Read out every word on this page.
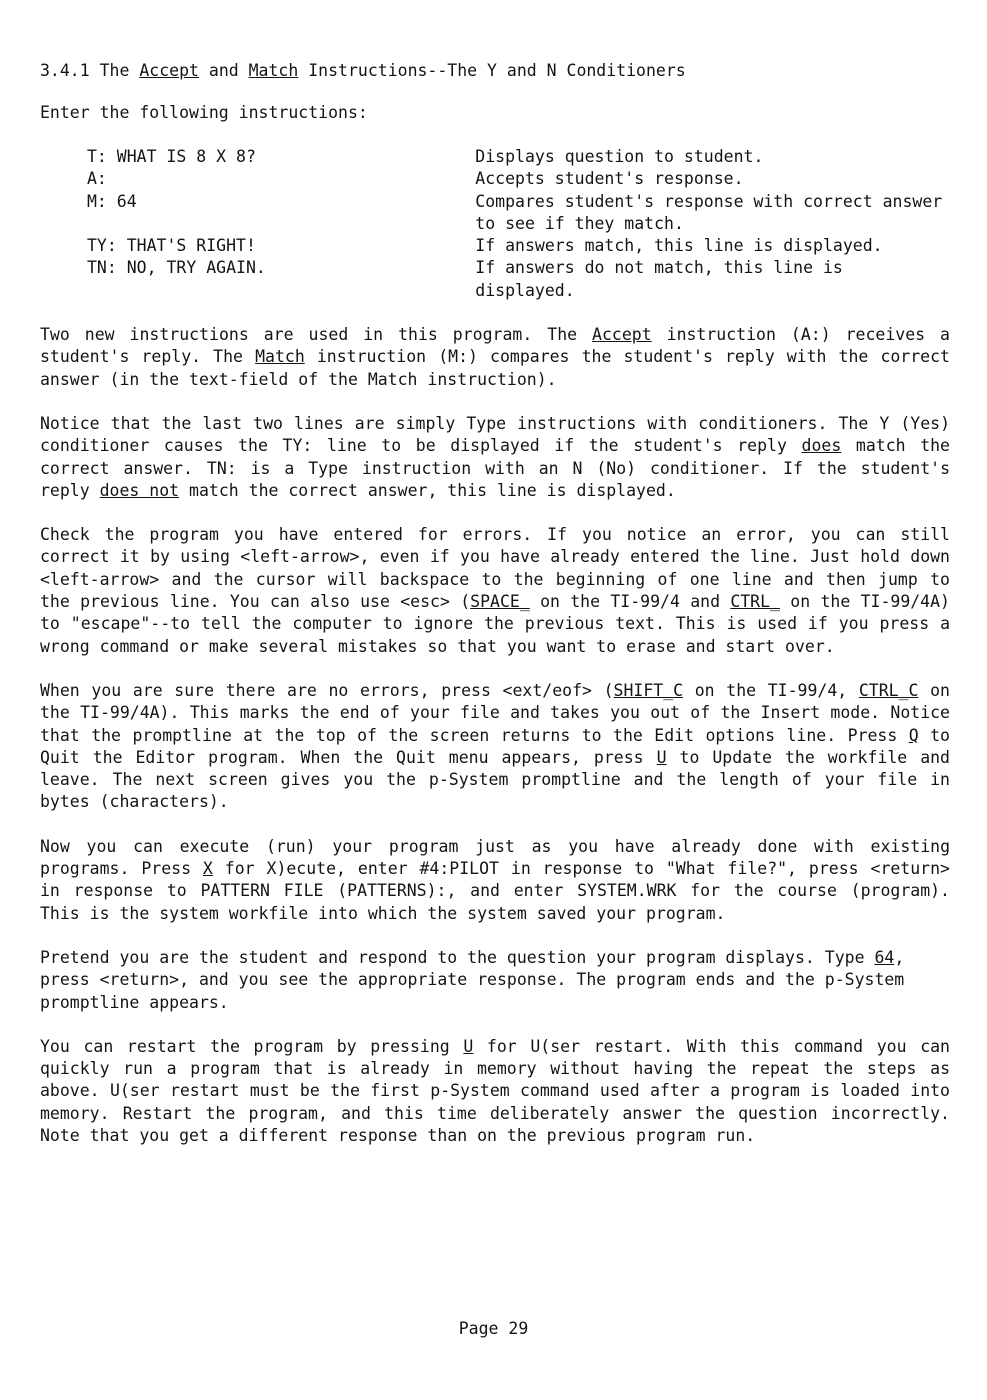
3.4.1 The Accept and Match Instructions--The Y and N Conditioners
Enter the following instructions:
T: WHAT IS 8 X 8?	Displays question to student.
A:	Accepts student's response.
M: 64	Compares student's response with correct answer to see if they match.
TY: THAT'S RIGHT!	If answers match, this line is displayed.
TN: NO, TRY AGAIN.	If answers do not match, this line is displayed.

Two new instructions are used in this program. The Accept instruction (A:) receives a student's reply. The Match instruction (M:) compares the student's reply with the correct answer (in the text-field of the Match instruction).

Notice that the last two lines are simply Type instructions with conditioners. The Y (Yes) conditioner causes the TY: line to be displayed if the student's reply does match the correct answer. TN: is a Type instruction with an N (No) conditioner. If the student's reply does not match the correct answer, this line is displayed.

Check the program you have entered for errors. If you notice an error, you can still correct it by using <left-arrow>, even if you have already entered the line. Just hold down <left-arrow> and the cursor will backspace to the beginning of one line and then jump to the previous line. You can also use <esc> (SPACE_ on the TI-99/4 and CTRL_ on the TI-99/4A) to "escape"--to tell the computer to ignore the previous text. This is used if you press a wrong command or make several mistakes so that you want to erase and start over.

When you are sure there are no errors, press <ext/eof> (SHIFT_C on the TI-99/4, CTRL_C on the TI-99/4A). This marks the end of your file and takes you out of the Insert mode. Notice that the promptline at the top of the screen returns to the Edit options line. Press Q to Quit the Editor program. When the Quit menu appears, press U to Update the workfile and leave. The next screen gives you the p-System promptline and the length of your file in bytes (characters).

Now you can execute (run) your program just as you have already done with existing programs. Press X for X)ecute, enter #4:PILOT in response to "What file?", press <return> in response to PATTERN FILE (PATTERNS):, and enter SYSTEM.WRK for the course (program). This is the system workfile into which the system saved your program.

Pretend you are the student and respond to the question your program displays. Type 64, press <return>, and you see the appropriate response. The program ends and the p-System promptline appears.

You can restart the program by pressing U for U(ser restart. With this command you can quickly run a program that is already in memory without having the repeat the steps as above. U(ser restart must be the first p-System command used after a program is loaded into memory. Restart the program, and this time deliberately answer the question incorrectly. Note that you get a different response than on the previous program run.

Page 29
